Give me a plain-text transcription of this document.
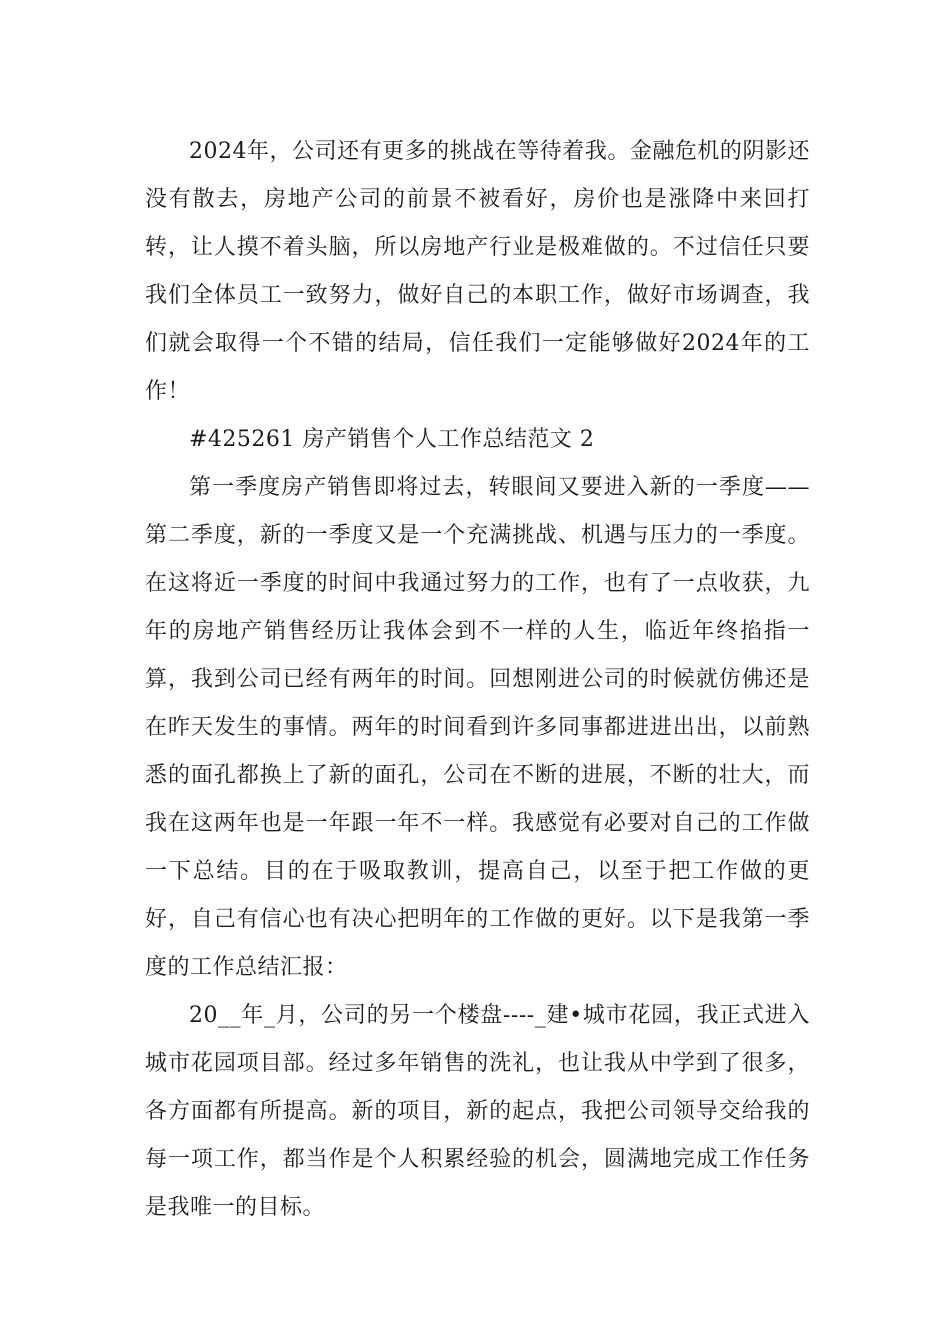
2024年，公司还有更多的挑战在等待着我。金融危机的阴影还没有散去，房地产公司的前景不被看好，房价也是涨降中来回打转，让人摸不着头脑，所以房地产行业是极难做的。不过信任只要我们全体员工一致努力，做好自己的本职工作，做好市场调查，我们就会取得一个不错的结局，信任我们一定能够做好2024年的工作！

#425261 房产销售个人工作总结范文 2

第一季度房产销售即将过去，转眼间又要进入新的一季度——第二季度，新的一季度又是一个充满挑战、机遇与压力的一季度。在这将近一季度的时间中我通过努力的工作，也有了一点收获，九年的房地产销售经历让我体会到不一样的人生，临近年终掐指一算，我到公司已经有两年的时间。回想刚进公司的时候就仿佛还是在昨天发生的事情。两年的时间看到许多同事都进进出出，以前熟悉的面孔都换上了新的面孔，公司在不断的进展，不断的壮大，而我在这两年也是一年跟一年不一样。我感觉有必要对自己的工作做一下总结。目的在于吸取教训，提高自己，以至于把工作做的更好，自己有信心也有决心把明年的工作做的更好。以下是我第一季度的工作总结汇报：

20__年_月，公司的另一个楼盘----_建•城市花园，我正式进入城市花园项目部。经过多年销售的洗礼，也让我从中学到了很多，各方面都有所提高。新的项目，新的起点，我把公司领导交给我的每一项工作，都当作是个人积累经验的机会，圆满地完成工作任务是我唯一的目标。
